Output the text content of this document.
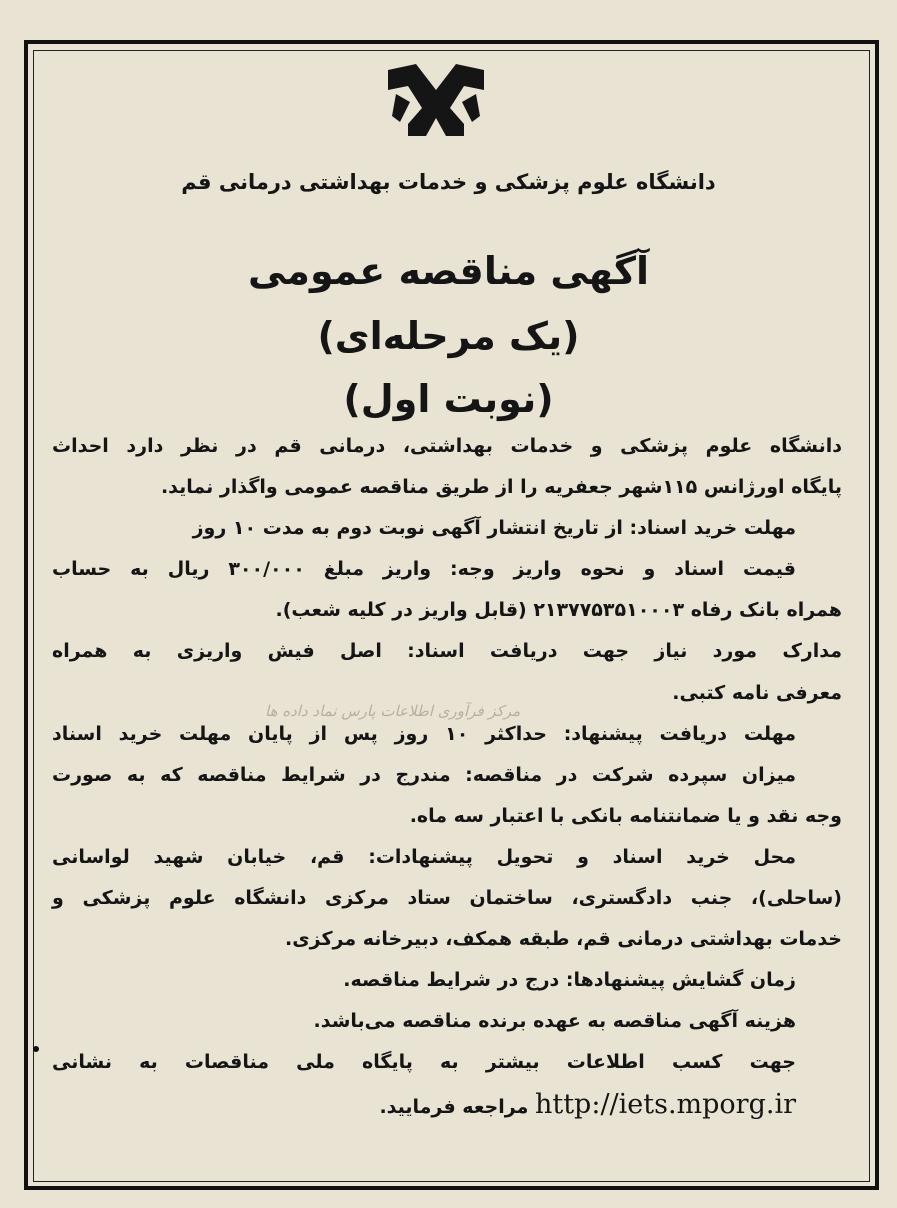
دانشگاه علوم پزشکی و خدمات بهداشتی درمانی قم
آگهی مناقصه عمومی
(یک مرحله‌ای)
(نوبت اول)

دانشگاه علوم پزشکی و خدمات بهداشتی، درمانی قم در نظر دارد احداث

پایگاه اورژانس ۱۱۵شهر جعفریه را از طریق مناقصه عمومی واگذار نماید.

مهلت خرید اسناد: از تاریخ انتشار آگهی نوبت دوم به مدت ۱۰ روز

قیمت اسناد و نحوه واریز وجه: واریز مبلغ ۳۰۰/۰۰۰ ریال به حساب

همراه بانک رفاه ۲۱۳۷۷۵۳۵۱۰۰۰۳ (قابل واریز در کلیه شعب).

مدارک مورد نیاز جهت دریافت اسناد: اصل فیش واریزی به همراه

معرفی نامه کتبی.

مهلت دریافت پیشنهاد: حداکثر ۱۰ روز پس از پایان مهلت خرید اسناد

میزان سپرده شرکت در مناقصه: مندرج در شرایط مناقصه که به صورت

وجه نقد و یا ضمانتنامه بانکی با اعتبار سه ماه.

محل خرید اسناد و تحویل پیشنهادات: قم، خیابان شهید لواسانی

(ساحلی)، جنب دادگستری، ساختمان ستاد مرکزی دانشگاه علوم پزشکی و

خدمات بهداشتی درمانی قم، طبقه همکف، دبیرخانه مرکزی.

زمان گشایش پیشنهادها: درج در شرایط مناقصه.

هزینه آگهی مناقصه به عهده برنده مناقصه می‌باشد.

جهت کسب اطلاعات بیشتر به پایگاه ملی مناقصات به نشانی

http://iets.mporg.ir مراجعه فرمایید.

مرکز فرآوری اطلاعات پارس نماد داده ها
